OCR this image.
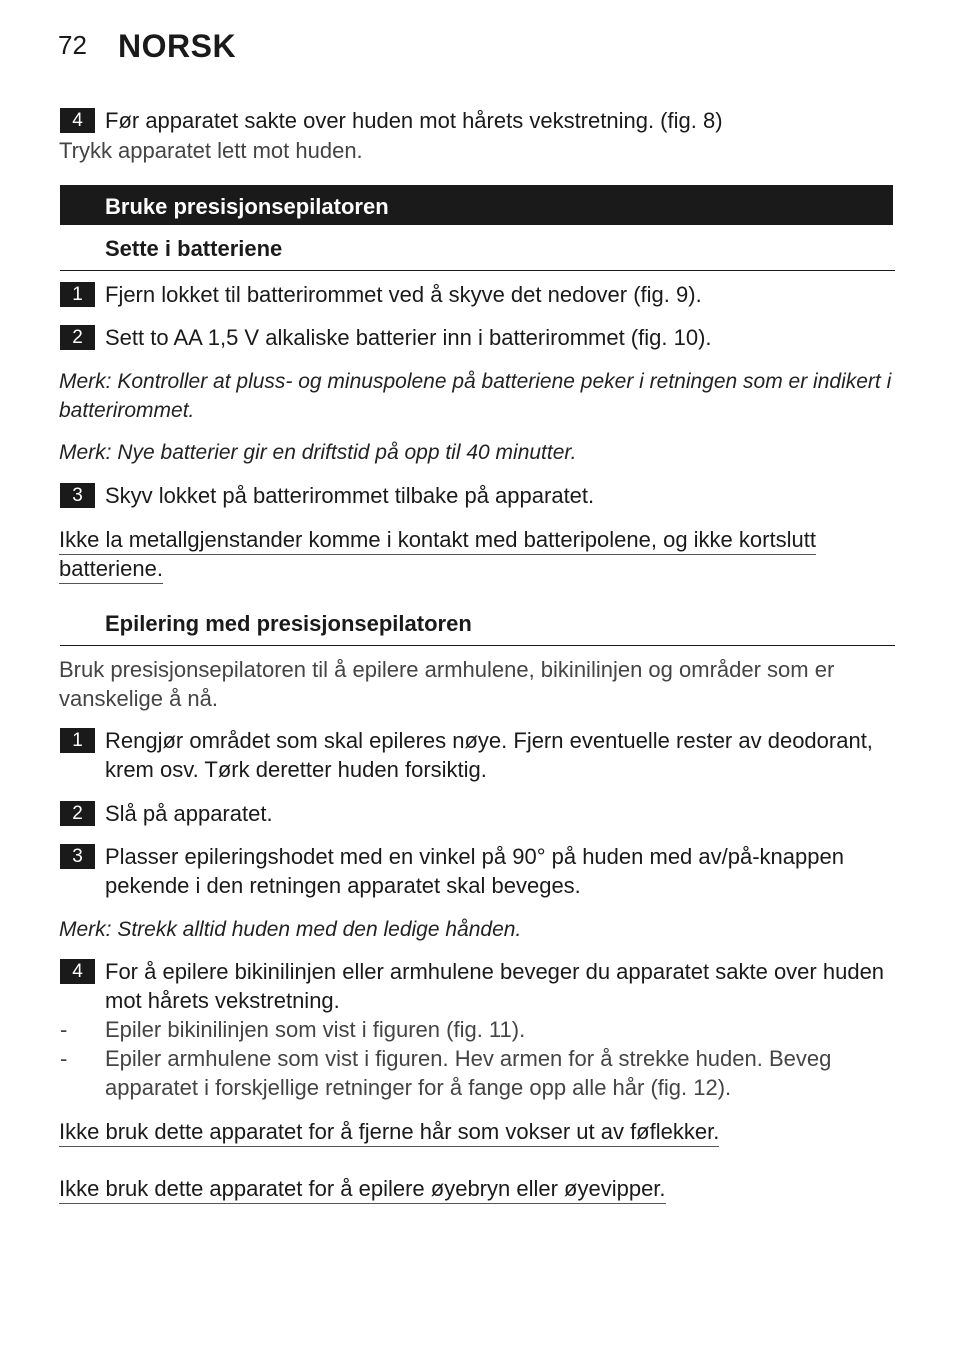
72 NORSK
4	Før apparatet sakte over huden mot hårets vekstretning. (fig. 8)
Trykk apparatet lett mot huden.
Bruke presisjonsepilatoren
Sette i batteriene
1	Fjern lokket til batterirommet ved å skyve det nedover (fig. 9).
2	Sett to AA 1,5 V alkaliske batterier inn i batterirommet (fig. 10).
Merk: Kontroller at pluss- og minuspolene på batteriene peker i retningen som er indikert i batterirommet.
Merk: Nye batterier gir en driftstid på opp til 40 minutter.
3	Skyv lokket på batterirommet tilbake på apparatet.
Ikke la metallgjenstander komme i kontakt med batteripolene, og ikke kortslutt
batteriene.
Epilering med presisjonsepilatoren
Bruk presisjonsepilatoren til å epilere armhulene, bikinilinjen og områder som er vanskelige å nå.
1	Rengjør området som skal epileres nøye. Fjern eventuelle rester av deodorant, krem osv. Tørk deretter huden forsiktig.
2	Slå på apparatet.
3	Plasser epileringshodet med en vinkel på 90° på huden med av/på-knappen pekende i den retningen apparatet skal beveges.
Merk: Strekk alltid huden med den ledige hånden.
4	For å epilere bikinilinjen eller armhulene beveger du apparatet sakte over huden mot hårets vekstretning.
- Epiler bikinilinjen som vist i figuren (fig. 11).
- Epiler armhulene som vist i figuren. Hev armen for å strekke huden. Beveg apparatet i forskjellige retninger for å fange opp alle hår (fig. 12).
Ikke bruk dette apparatet for å fjerne hår som vokser ut av føflekker.
Ikke bruk dette apparatet for å epilere øyebryn eller øyevipper.
